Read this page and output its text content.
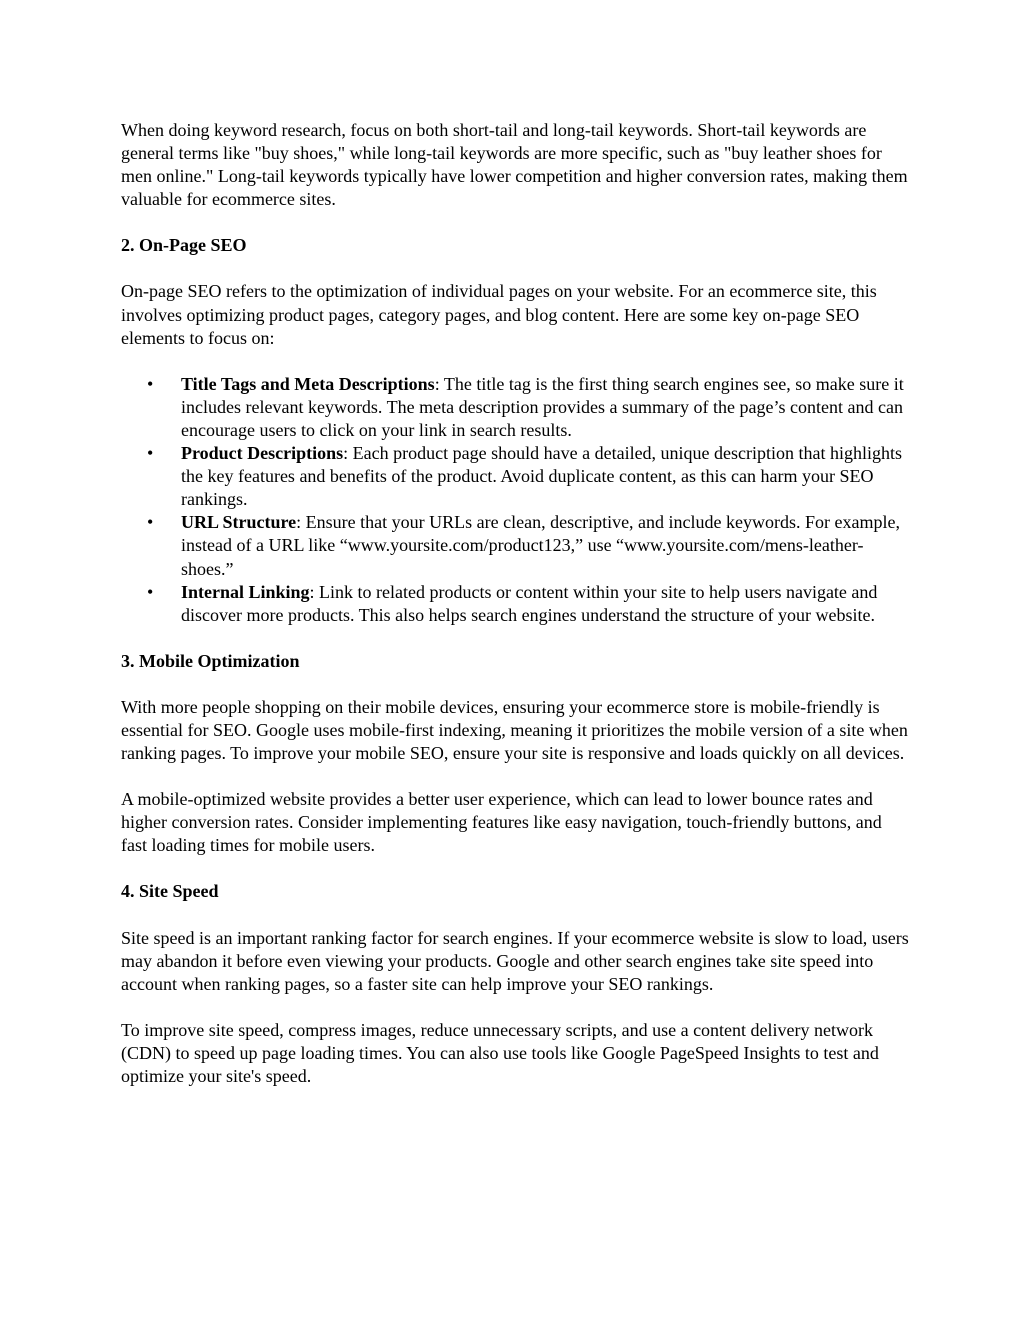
When doing keyword research, focus on both short-tail and long-tail keywords. Short-tail keywords are general terms like "buy shoes," while long-tail keywords are more specific, such as "buy leather shoes for men online." Long-tail keywords typically have lower competition and higher conversion rates, making them valuable for ecommerce sites.

2. On-Page SEO

On-page SEO refers to the optimization of individual pages on your website. For an ecommerce site, this involves optimizing product pages, category pages, and blog content. Here are some key on-page SEO elements to focus on:

• Title Tags and Meta Descriptions: The title tag is the first thing search engines see, so make sure it includes relevant keywords. The meta description provides a summary of the page’s content and can encourage users to click on your link in search results.
• Product Descriptions: Each product page should have a detailed, unique description that highlights the key features and benefits of the product. Avoid duplicate content, as this can harm your SEO rankings.
• URL Structure: Ensure that your URLs are clean, descriptive, and include keywords. For example, instead of a URL like “www.yoursite.com/product123,” use “www.yoursite.com/mens-leather-shoes.”
• Internal Linking: Link to related products or content within your site to help users navigate and discover more products. This also helps search engines understand the structure of your website.
3. Mobile Optimization

With more people shopping on their mobile devices, ensuring your ecommerce store is mobile-friendly is essential for SEO. Google uses mobile-first indexing, meaning it prioritizes the mobile version of a site when ranking pages. To improve your mobile SEO, ensure your site is responsive and loads quickly on all devices.

A mobile-optimized website provides a better user experience, which can lead to lower bounce rates and higher conversion rates. Consider implementing features like easy navigation, touch-friendly buttons, and fast loading times for mobile users.

4. Site Speed

Site speed is an important ranking factor for search engines. If your ecommerce website is slow to load, users may abandon it before even viewing your products. Google and other search engines take site speed into account when ranking pages, so a faster site can help improve your SEO rankings.

To improve site speed, compress images, reduce unnecessary scripts, and use a content delivery network (CDN) to speed up page loading times. You can also use tools like Google PageSpeed Insights to test and optimize your site's speed.
